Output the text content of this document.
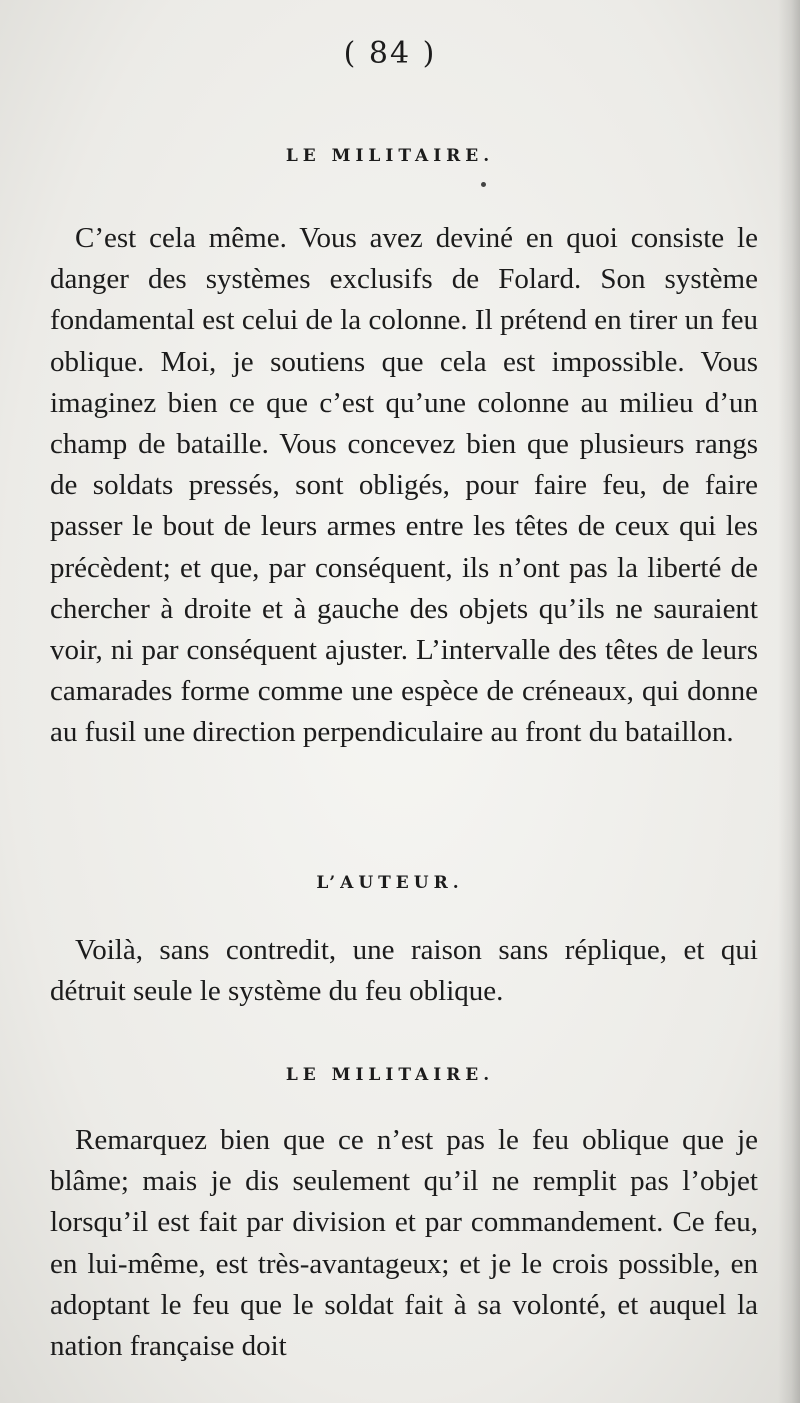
( 84 )
LE MILITAIRE.
C’est cela même. Vous avez deviné en quoi consiste le danger des systèmes exclusifs de Folard. Son système fondamental est celui de la colonne. Il prétend en tirer un feu oblique. Moi, je soutiens que cela est impossible. Vous imaginez bien ce que c’est qu’une colonne au milieu d’un champ de bataille. Vous concevez bien que plusieurs rangs de soldats pressés, sont obligés, pour faire feu, de faire passer le bout de leurs armes entre les têtes de ceux qui les précèdent; et que, par conséquent, ils n’ont pas la liberté de chercher à droite et à gauche des objets qu’ils ne sauraient voir, ni par conséquent ajuster. L’intervalle des têtes de leurs camarades forme comme une espèce de créneaux, qui donne au fusil une direction perpendiculaire au front du bataillon.
L’AUTEUR.
Voilà, sans contredit, une raison sans réplique, et qui détruit seule le système du feu oblique.
LE MILITAIRE.
Remarquez bien que ce n’est pas le feu oblique que je blâme; mais je dis seulement qu’il ne remplit pas l’objet lorsqu’il est fait par division et par commandement. Ce feu, en lui-même, est très-avantageux; et je le crois possible, en adoptant le feu que le soldat fait à sa volonté, et auquel la nation française doit
